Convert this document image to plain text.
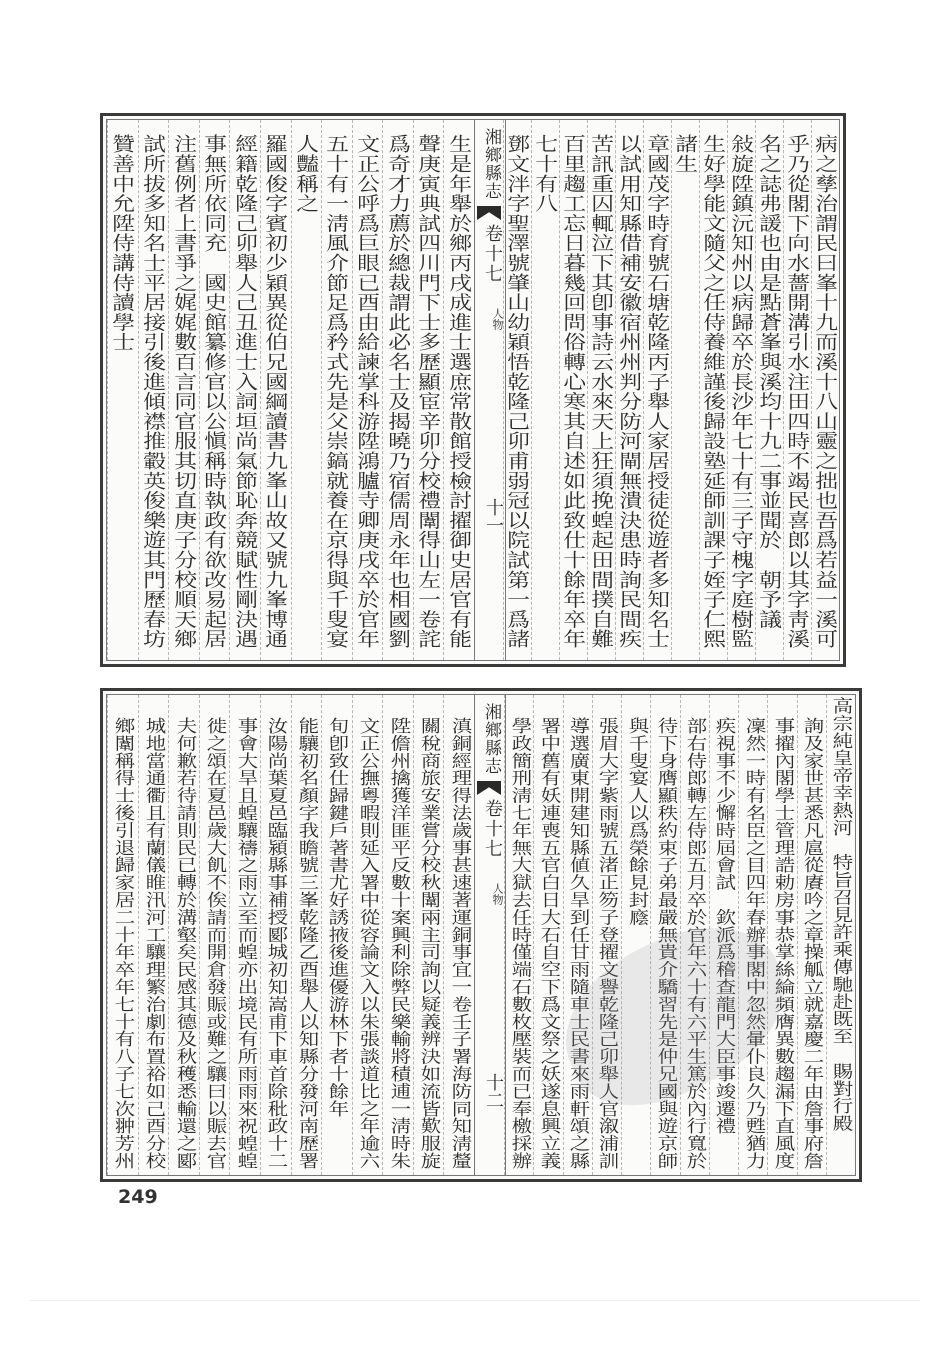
生是年舉於鄉丙戌成進士選庶常散館授檢討擢御史居官有能
聲庚寅典試四川門下士多歷顯宦辛卯分校禮闈得山左一卷詫
爲奇才力薦於總裁謂此必名士及揭曉乃宿儒周永年也相國劉
文正公呼爲巨眼已酉由給諫掌科游陞鴻臚寺卿庚戌卒於官年
五十有一淸風介節足爲矜式先是父崇鎬就養在京得與千叟宴
人豔稱之
羅國俊字賓初少穎異從伯兄國綱讀書九峯山故又號九峯博通
經籍乾隆己卯舉人己丑進士入詞垣尚氣節恥奔競賦性剛決遇
事無所依同充　國史館纂修官以公愼稱時執政有欲改易起居
注舊例者上書爭之娓娓數百言同官服其切直庚子分校順天鄉
試所拔多知名士平居接引後進傾襟推轂英俊樂遊其門歷春坊
贊善中允陞侍講侍讀學士	湘鄉縣志
卷十七
人物
十一	病之孳治謂民曰峯十九而溪十八山靈之拙也吾爲若益一溪可
乎乃從閣下向水薔開溝引水注田四時不竭民喜郎以其字靑溪
名之誌弗諼也由是點蒼峯與溪均十九二事並聞於　朝予議
敍旋陞鎮沅知州以病歸卒於長沙年七十有三子守槐字庭樹監
生好學能文隨父之任侍養維謹後歸設塾延師訓課子姪子仁熙
諸生
章國茂字時育號石塘乾隆丙子舉人家居授徒從遊者多知名士
以試用知縣借補安徽宿州州判分防河閘無潰決患時詢民間疾
苦訊重囚輒泣下其卽事詩云水來天上狂須挽蝗起田間撲自難
百里趨工忘日暮幾回問俗轉心寒其自述如此致仕十餘年卒年
七十有八
鄧文泮字聖澤號肇山幼穎悟乾隆己卯甫弱冠以院試第一爲諸
滇銅經理得法歲事甚速著運銅事宜一卷壬子署海防同知淸釐
關稅商旅安業嘗分校秋闈兩主司詢以疑義辨決如流皆歎服旋
陞儋州擒獲洋匪平反數十案興利除弊民樂輸將積逋一淸時朱
文正公撫粵暇則延入署中從容論文入以朱張談道比之年逾六
旬卽致仕歸鍵戶著書尤好誘掖後進優游林下者十餘年
能驤初名顏字我瞻號三峯乾隆乙酉舉人以知縣分發河南歷署
汝陽尚葉夏邑臨潁縣事補授郾城初知嵩甫下車首除秕政十二
事會大旱且蝗驤禱之雨立至而蝗亦出境民有所雨雨來祝蝗蝗
徙之頌在夏邑歲大飢不俟請而開倉發賑或難之驤曰以賑去官
夫何歉若待請則民已轉於溝壑矣民感其德及秋穫悉輸還之郾
城地當通衢且有蘭儀睢汛河工驤理繁治劇布置裕如己酉分校
鄉闈稱得士後引退歸家居二十年卒年七十有八子七次翀芳州	湘鄉縣志
卷十七
人物
十二	高宗純皇帝幸熱河　特旨召見許乘傳馳赴既至　賜對行殿
詢及家世甚悉凡扈從賡吟之章操觚立就嘉慶二年由詹事府詹
事擢內閣學士管理誥勅房事恭掌絲綸頻膺異數趨漏下直風度
凜然一時有名臣之目四年春辦事閣中忽然暈仆良久乃甦猶力
疾視事不少懈時屆會試　欽派爲稽查龍門大臣事竣遷禮
部右侍郎轉左侍郎五月卒於官年六十有六平生篤於內行寬於
待下身膺顯秩約束子弟最嚴無貴介驕習先是仲兄國與遊京師
與千叟宴人以爲榮餘見封廕
張眉大字紫雨號五渚正笏子登擢文譽乾隆己卯舉人官溆浦訓
導選廣東開建知縣値久旱到任甘雨隨車士民書來雨軒頌之縣
署中舊有妖連喪五官白日大石自空下爲文祭之妖遂息興立義
學政簡刑淸七年無大獄去任時僅端石數枚壓裝而已奉檄採辦
249
